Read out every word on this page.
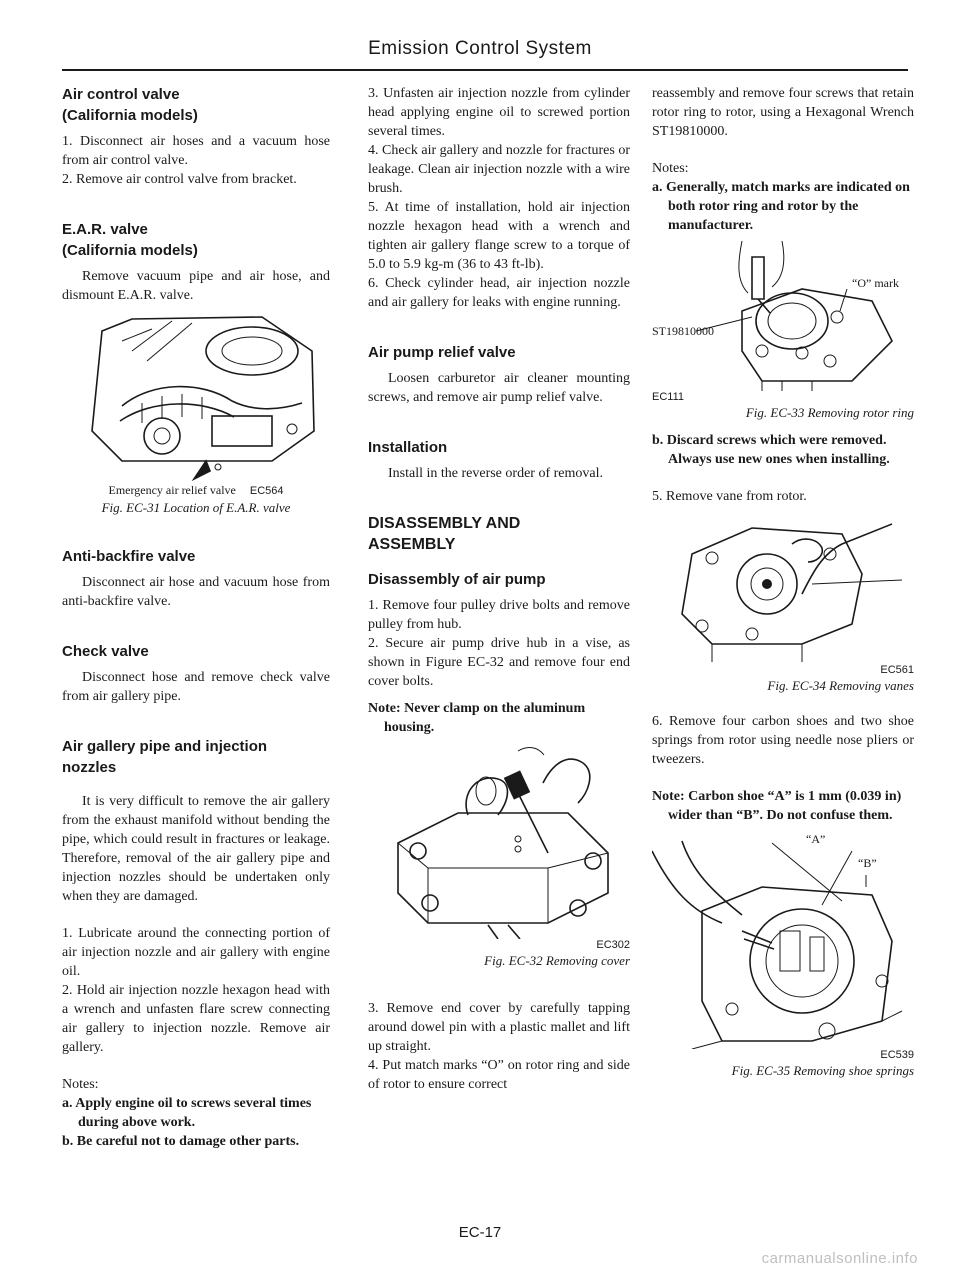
Emission Control System
Air control valve
(California models)

1. Disconnect air hoses and a vacuum hose from air control valve.

2. Remove air control valve from bracket.

E.A.R. valve
(California models)

Remove vacuum pipe and air hose, and dismount E.A.R. valve.

Emergency air relief valve EC564
Fig. EC-31 Location of E.A.R. valve
Anti-backfire valve

Disconnect air hose and vacuum hose from anti-backfire valve.

Check valve

Disconnect hose and remove check valve from air gallery pipe.

Air gallery pipe and injection
nozzles

It is very difficult to remove the air gallery from the exhaust manifold without bending the pipe, which could result in fractures or leakage. Therefore, removal of the air gallery pipe and injection nozzles should be undertaken only when they are damaged.

1. Lubricate around the connecting portion of air injection nozzle and air gallery with engine oil.

2. Hold air injection nozzle hexagon head with a wrench and unfasten flare screw connecting air gallery to injection nozzle. Remove air gallery.

Notes:

a. Apply engine oil to screws several times during above work.

b. Be careful not to damage other parts.

3. Unfasten air injection nozzle from cylinder head applying engine oil to screwed portion several times.

4. Check air gallery and nozzle for fractures or leakage. Clean air injection nozzle with a wire brush.

5. At time of installation, hold air injection nozzle hexagon head with a wrench and tighten air gallery flange screw to a torque of 5.0 to 5.9 kg-m (36 to 43 ft-lb).

6. Check cylinder head, air injection nozzle and air gallery for leaks with engine running.

Air pump relief valve

Loosen carburetor air cleaner mounting screws, and remove air pump relief valve.

Installation

Install in the reverse order of removal.

DISASSEMBLY AND
ASSEMBLY
Disassembly of air pump

1. Remove four pulley drive bolts and remove pulley from hub.

2. Secure air pump drive hub in a vise, as shown in Figure EC-32 and remove four end cover bolts.

Note: Never clamp on the aluminum housing.

EC302
Fig. EC-32 Removing cover

3. Remove end cover by carefully tapping around dowel pin with a plastic mallet and lift up straight.

4. Put match marks “O” on rotor ring and side of rotor to ensure correct

reassembly and remove four screws that retain rotor ring to rotor, using a Hexagonal Wrench ST19810000.

Notes:

a. Generally, match marks are indicated on both rotor ring and rotor by the manufacturer.

ST19810000
“O” mark
EC111
Fig. EC-33 Removing rotor ring

b. Discard screws which were removed. Always use new ones when installing.

5. Remove vane from rotor.

EC561
Fig. EC-34 Removing vanes

6. Remove four carbon shoes and two shoe springs from rotor using needle nose pliers or tweezers.

Note: Carbon shoe “A” is 1 mm (0.039 in) wider than “B”. Do not confuse them.

“A”
“B”
EC539
Fig. EC-35 Removing shoe springs
EC-17
carmanualsonline.info
